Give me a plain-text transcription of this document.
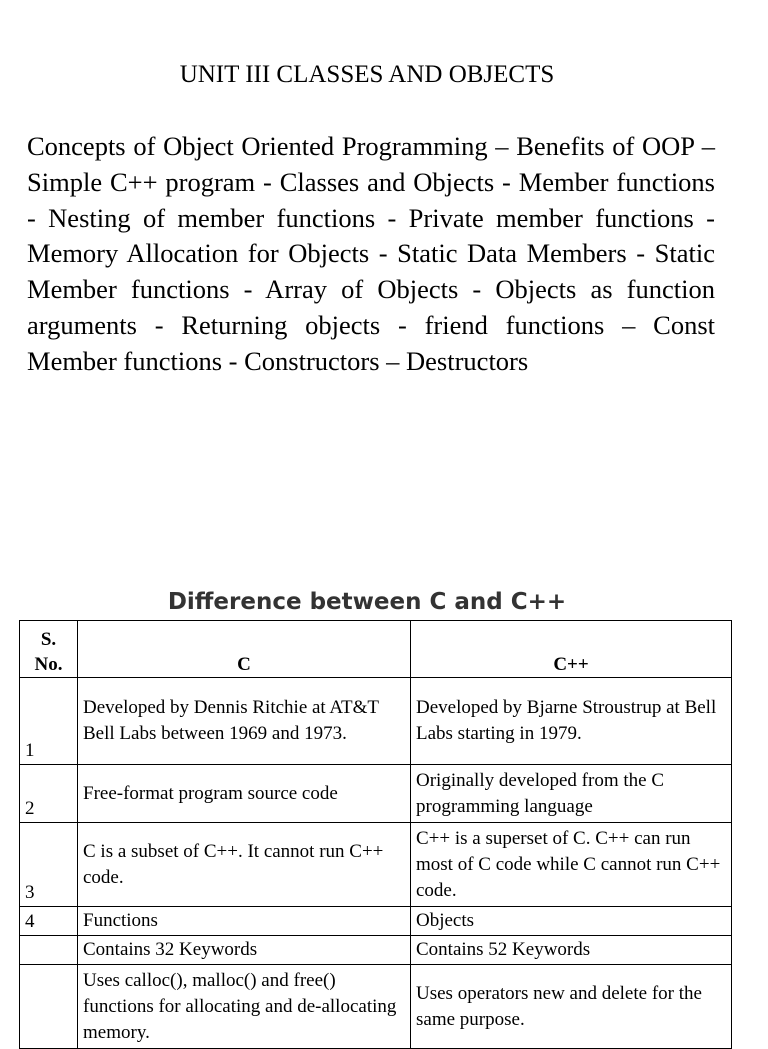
UNIT III CLASSES AND OBJECTS

Concepts of Object Oriented Programming – Benefits of OOP – Simple C++ program - Classes and Objects - Member functions - Nesting of member functions - Private member functions - Memory Allocation for Objects - Static Data Members - Static Member functions - Array of Objects - Objects as function arguments - Returning objects - friend functions – Const Member functions - Constructors – Destructors

Difference between C and C++
S. No.	C	C++
1	Developed by Dennis Ritchie at AT&T Bell Labs between 1969 and 1973.	Developed by Bjarne Stroustrup at Bell Labs starting in 1979.
2	Free-format program source code	Originally developed from the C programming language
3	C is a subset of C++. It cannot run C++ code.	C++ is a superset of C. C++ can run most of C code while C cannot run C++ code.
4	Functions	Objects
	Contains 32 Keywords	Contains 52 Keywords
	Uses calloc(), malloc() and free() functions for allocating and de-allocating memory.	Uses operators new and delete for the same purpose.
